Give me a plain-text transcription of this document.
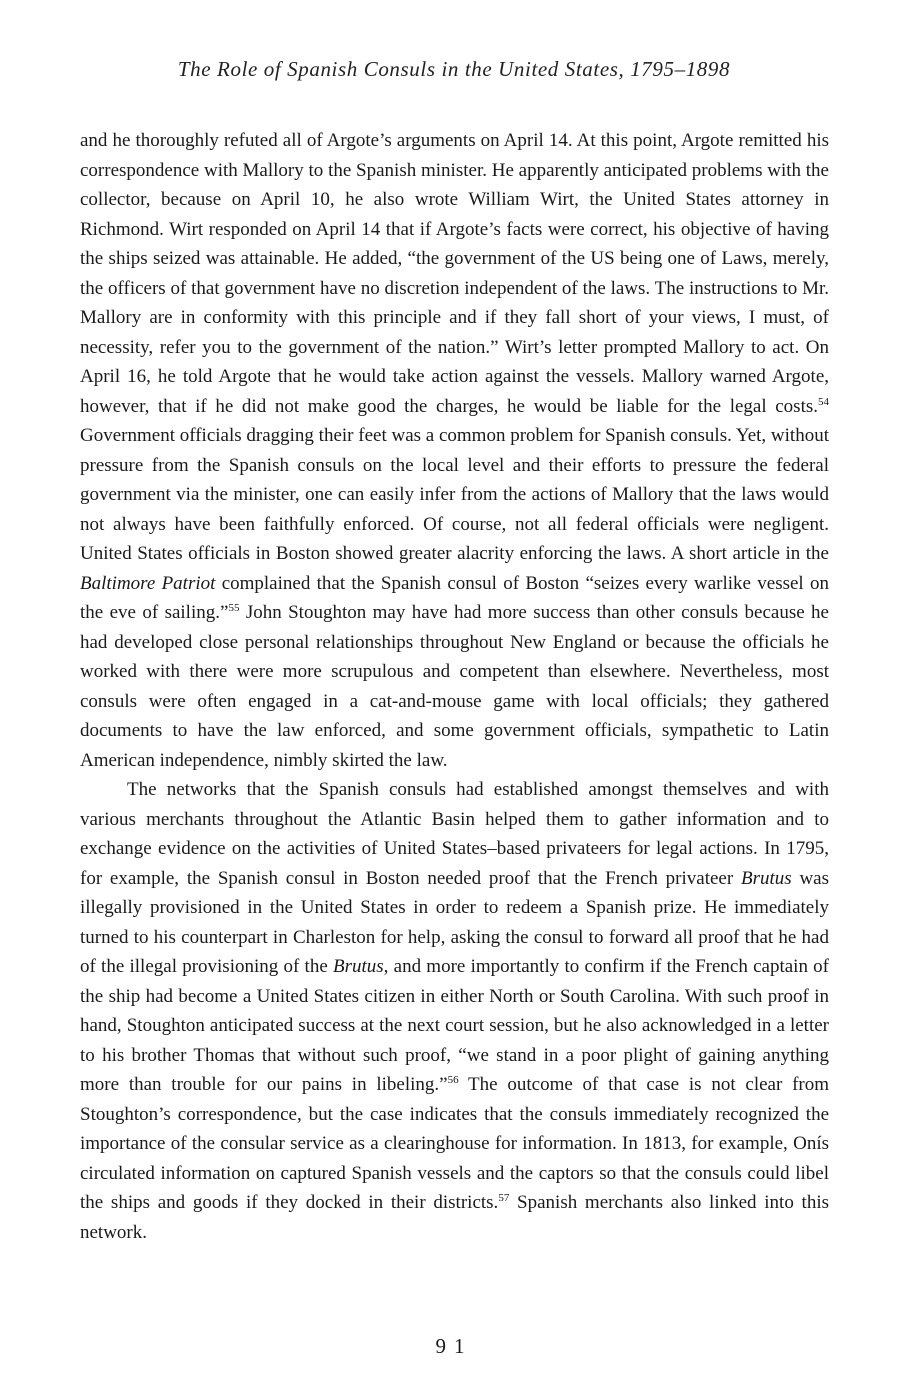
The Role of Spanish Consuls in the United States, 1795–1898

and he thoroughly refuted all of Argote’s arguments on April 14. At this point, Argote remitted his correspondence with Mallory to the Spanish minister. He apparently anticipated problems with the collector, because on April 10, he also wrote William Wirt, the United States attorney in Richmond. Wirt responded on April 14 that if Argote’s facts were correct, his objective of having the ships seized was attainable. He added, “the government of the US being one of Laws, merely, the officers of that government have no discretion independent of the laws. The instructions to Mr. Mallory are in conformity with this principle and if they fall short of your views, I must, of necessity, refer you to the government of the nation.” Wirt’s letter prompted Mallory to act. On April 16, he told Argote that he would take action against the vessels. Mallory warned Argote, however, that if he did not make good the charges, he would be liable for the legal costs.$^{54}$ Government officials dragging their feet was a common problem for Spanish consuls. Yet, without pressure from the Spanish consuls on the local level and their efforts to pressure the federal government via the minister, one can easily infer from the actions of Mallory that the laws would not always have been faithfully enforced. Of course, not all federal officials were negligent. United States officials in Boston showed greater alacrity enforcing the laws. A short article in the Baltimore Patriot complained that the Spanish consul of Boston “seizes every warlike vessel on the eve of sailing.”$^{55}$ John Stoughton may have had more success than other consuls because he had developed close personal relationships throughout New England or because the officials he worked with there were more scrupulous and competent than elsewhere. Nevertheless, most consuls were often engaged in a cat-and-mouse game with local officials; they gathered documents to have the law enforced, and some government officials, sympathetic to Latin American independence, nimbly skirted the law.

The networks that the Spanish consuls had established amongst themselves and with various merchants throughout the Atlantic Basin helped them to gather information and to exchange evidence on the activities of United States–based privateers for legal actions. In 1795, for example, the Spanish consul in Boston needed proof that the French privateer Brutus was illegally provisioned in the United States in order to redeem a Spanish prize. He immediately turned to his counterpart in Charleston for help, asking the consul to forward all proof that he had of the illegal provisioning of the Brutus, and more importantly to confirm if the French captain of the ship had become a United States citizen in either North or South Carolina. With such proof in hand, Stoughton anticipated success at the next court session, but he also acknowledged in a letter to his brother Thomas that without such proof, “we stand in a poor plight of gaining anything more than trouble for our pains in libeling.”$^{56}$ The outcome of that case is not clear from Stoughton’s correspondence, but the case indicates that the consuls immediately recognized the importance of the consular service as a clearinghouse for information. In 1813, for example, Onís circulated information on captured Spanish vessels and the captors so that the consuls could libel the ships and goods if they docked in their districts.$^{57}$ Spanish merchants also linked into this network.

91
